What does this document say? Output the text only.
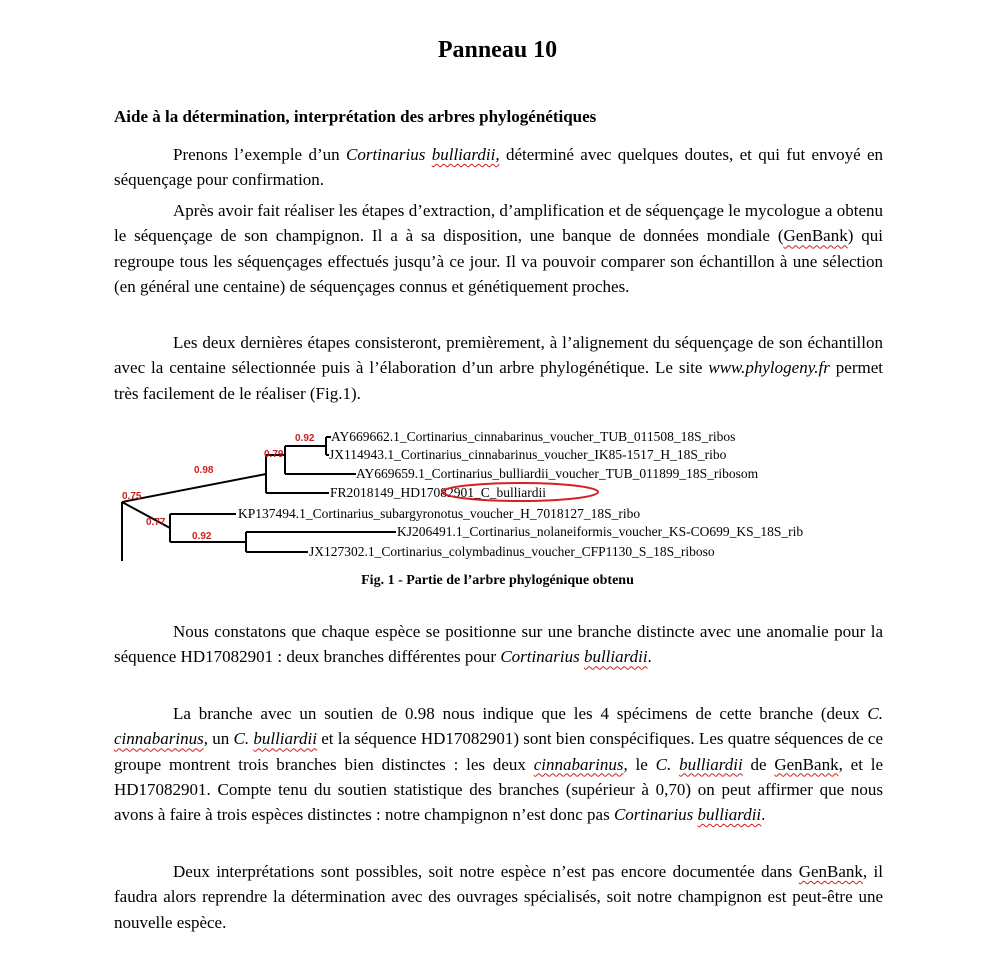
Panneau 10
Aide à la détermination, interprétation des arbres phylogénétiques

Prenons l’exemple d’un Cortinarius bulliardii, déterminé avec quelques doutes, et qui fut envoyé en séquençage pour confirmation.

Après avoir fait réaliser les étapes d’extraction, d’amplification et de séquençage le mycologue a obtenu le séquençage de son champignon. Il a à sa disposition, une banque de données mondiale (GenBank) qui regroupe tous les séquençages effectués jusqu’à ce jour. Il va pouvoir comparer son échantillon à une sélection (en général une centaine) de séquençages connus et génétiquement proches.

Les deux dernières étapes consisteront, premièrement, à l’alignement du séquençage de son échantillon avec la centaine sélectionnée puis à l’élaboration d’un arbre phylogénétique. Le site www.phylogeny.fr permet très facilement de le réaliser (Fig.1).

0.92
0.79
0.98
0.75
0.77
0.92
AY669662.1_Cortinarius_cinnabarinus_voucher_TUB_011508_18S_ribos
JX114943.1_Cortinarius_cinnabarinus_voucher_IK85-1517_H_18S_ribo
AY669659.1_Cortinarius_bulliardii_voucher_TUB_011899_18S_ribosom
FR2018149_HD17082901_C_bulliardii
KP137494.1_Cortinarius_subargyronotus_voucher_H_7018127_18S_ribo
KJ206491.1_Cortinarius_nolaneiformis_voucher_KS-CO699_KS_18S_rib
JX127302.1_Cortinarius_colymbadinus_voucher_CFP1130_S_18S_riboso
Fig. 1 - Partie de l’arbre phylogénique obtenu

Nous constatons que chaque espèce se positionne sur une branche distincte avec une anomalie pour la séquence HD17082901 : deux branches différentes pour Cortinarius bulliardii.

La branche avec un soutien de 0.98 nous indique que les 4 spécimens de cette branche (deux C. cinnabarinus, un C. bulliardii et la séquence HD17082901) sont bien conspécifiques. Les quatre séquences de ce groupe montrent trois branches bien distinctes : les deux cinnabarinus, le C. bulliardii de GenBank, et le HD17082901. Compte tenu du soutien statistique des branches (supérieur à 0,70) on peut affirmer que nous avons à faire à trois espèces distinctes : notre champignon n’est donc pas Cortinarius bulliardii.

Deux interprétations sont possibles, soit notre espèce n’est pas encore documentée dans GenBank, il faudra alors reprendre la détermination avec des ouvrages spécialisés, soit notre champignon est peut-être une nouvelle espèce.
